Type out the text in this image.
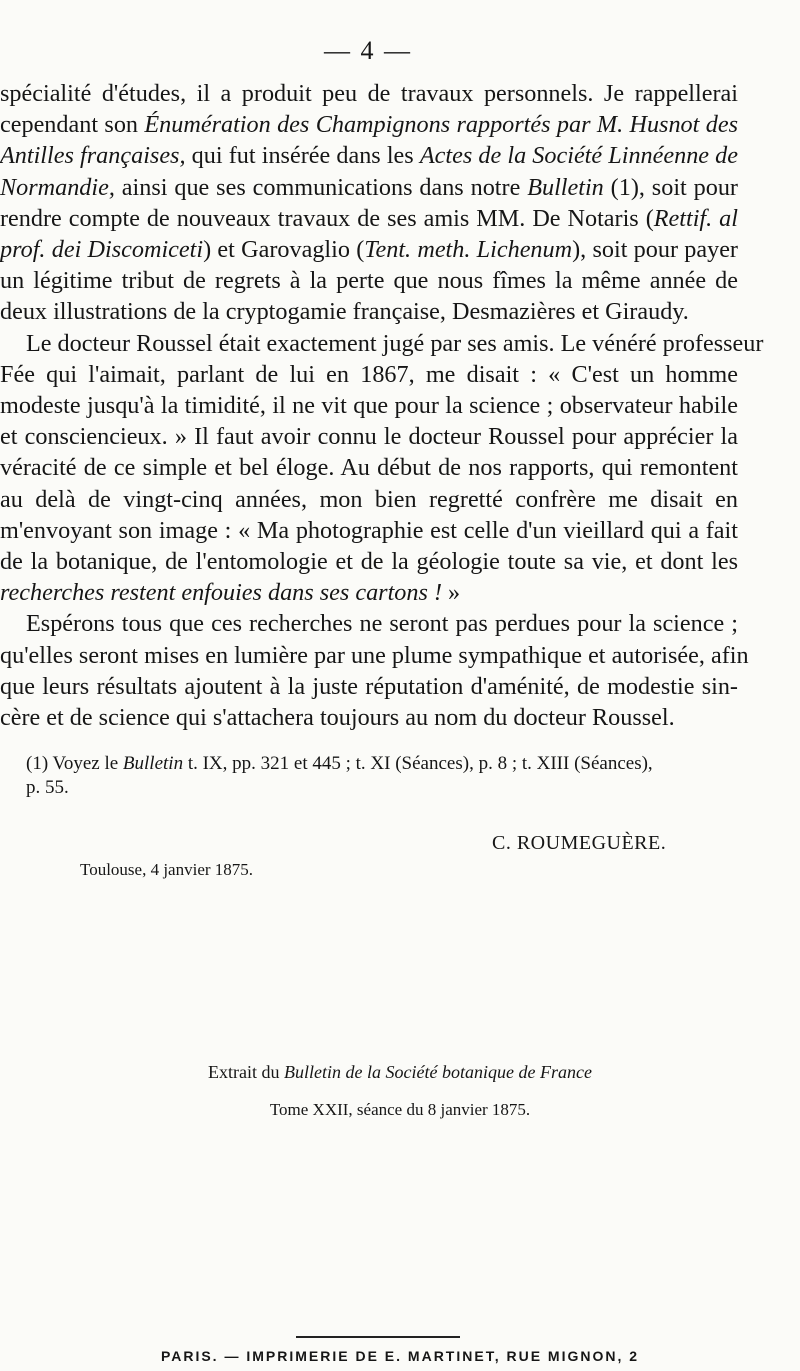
— 4 —

spécialité d'études, il a produit peu de travaux personnels. Je rappellerai
cependant son Énumération des Champignons rapportés par M. Husnot des
Antilles françaises, qui fut insérée dans les Actes de la Société Linnéenne de
Normandie, ainsi que ses communications dans notre Bulletin (1), soit pour
rendre compte de nouveaux travaux de ses amis MM. De Notaris (Rettif. al
prof. dei Discomiceti) et Garovaglio (Tent. meth. Lichenum), soit pour payer
un légitime tribut de regrets à la perte que nous fîmes la même année de
deux illustrations de la cryptogamie française, Desmazières et Giraudy.

Le docteur Roussel était exactement jugé par ses amis. Le vénéré professeur
Fée qui l'aimait, parlant de lui en 1867, me disait : « C'est un homme
modeste jusqu'à la timidité, il ne vit que pour la science ; observateur habile
et consciencieux. » Il faut avoir connu le docteur Roussel pour apprécier la
véracité de ce simple et bel éloge. Au début de nos rapports, qui remontent
au delà de vingt-cinq années, mon bien regretté confrère me disait en
m'envoyant son image : « Ma photographie est celle d'un vieillard qui a fait
de la botanique, de l'entomologie et de la géologie toute sa vie, et dont les
recherches restent enfouies dans ses cartons ! »

Espérons tous que ces recherches ne seront pas perdues pour la science ;
qu'elles seront mises en lumière par une plume sympathique et autorisée, afin
que leurs résultats ajoutent à la juste réputation d'aménité, de modestie sin-
cère et de science qui s'attachera toujours au nom du docteur Roussel.

(1) Voyez le Bulletin t. IX, pp. 321 et 445 ; t. XI (Séances), p. 8 ; t. XIII (Séances),
p. 55.
C. ROUMEGUÈRE.
Toulouse, 4 janvier 1875.
Extrait du Bulletin de la Société botanique de France
Tome XXII, séance du 8 janvier 1875.
PARIS. — IMPRIMERIE DE E. MARTINET, RUE MIGNON, 2
